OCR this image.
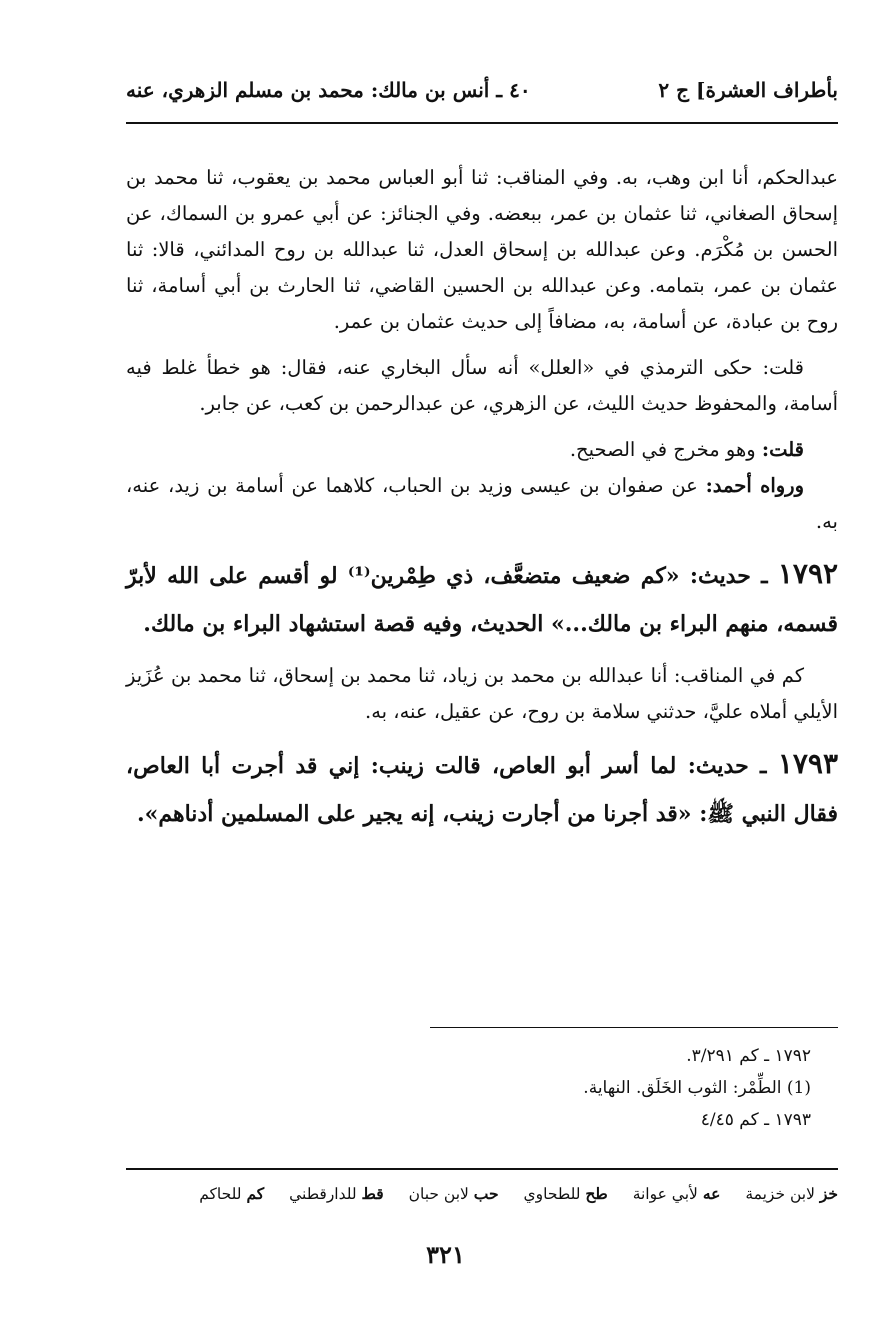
بأطراف العشرة] ج ٢
٤٠ ـ أنس بن مالك: محمد بن مسلم الزهري، عنه

عبدالحكم، أنا ابن وهب، به. وفي المناقب: ثنا أبو العباس محمد بن يعقوب، ثنا محمد بن إسحاق الصغاني، ثنا عثمان بن عمر، ببعضه. وفي الجنائز: عن أبي عمرو بن السماك، عن الحسن بن مُكْرَم. وعن عبدالله بن إسحاق العدل، ثنا عبدالله بن روح المدائني، قالا: ثنا عثمان بن عمر، بتمامه. وعن عبدالله بن الحسين القاضي، ثنا الحارث بن أبي أسامة، ثنا روح بن عبادة، عن أسامة، به، مضافاً إلى حديث عثمان بن عمر.

قلت: حكى الترمذي في «العلل» أنه سأل البخاري عنه، فقال: هو خطأ غلط فيه أسامة، والمحفوظ حديث الليث، عن الزهري، عن عبدالرحمن بن كعب، عن جابر.

قلت: وهو مخرج في الصحيح.

ورواه أحمد: عن صفوان بن عيسى وزيد بن الحباب، كلاهما عن أسامة بن زيد، عنه، به.

١٧٩٢ ـ حديث: «كم ضعيف متضعَّف، ذي طِمْرين⁽¹⁾ لو أقسم على الله لأبرّ قسمه، منهم البراء بن مالك...» الحديث، وفيه قصة استشهاد البراء بن مالك.

كم في المناقب: أنا عبدالله بن محمد بن زياد، ثنا محمد بن إسحاق، ثنا محمد بن عُزَيز الأيلي أملاه عليَّ، حدثني سلامة بن روح، عن عقيل، عنه، به.

١٧٩٣ ـ حديث: لما أسر أبو العاص، قالت زينب: إني قد أجرت أبا العاص، فقال النبي ﷺ: «قد أجرنا من أجارت زينب، إنه يجير على المسلمين أدناهم».

١٧٩٢ ـ كم ٣/٢٩١.
(1) الطِّمْر: الثوب الخَلَق. النهاية.
١٧٩٣ ـ كم ٤/٤٥
خز لابن خزيمة عه لأبي عوانة طح للطحاوي حب لابن حبان قط للدارقطني كم للحاكم
٣٢١
